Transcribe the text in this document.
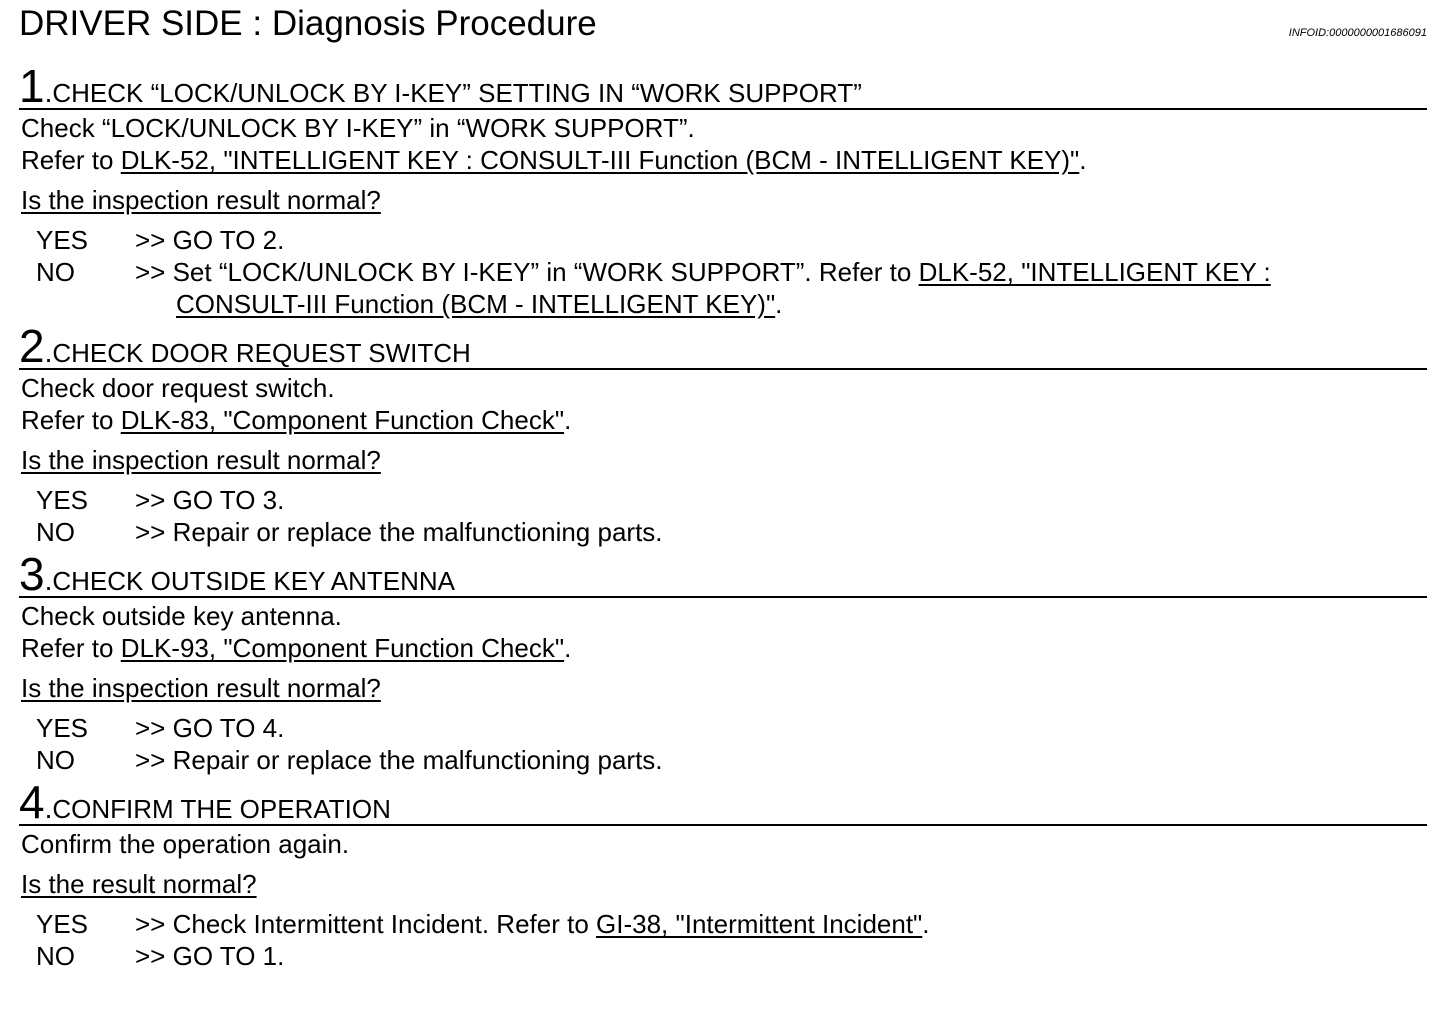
DRIVER SIDE : Diagnosis Procedure	INFOID:0000000001686091
1 . CHECK “LOCK/UNLOCK BY I-KEY” SETTING IN “WORK SUPPORT”
Check “LOCK/UNLOCK BY I-KEY” in “WORK SUPPORT”.
Refer to DLK-52, "INTELLIGENT KEY : CONSULT-III Function (BCM - INTELLIGENT KEY)".
Is the inspection result normal?
YES	>> GO TO 2.
NO	>> Set “LOCK/UNLOCK BY I-KEY” in “WORK SUPPORT”. Refer to DLK-52, "INTELLIGENT KEY :
CONSULT-III Function (BCM - INTELLIGENT KEY)".
2 . CHECK DOOR REQUEST SWITCH
Check door request switch.
Refer to DLK-83, "Component Function Check".
Is the inspection result normal?
YES	>> GO TO 3.
NO	>> Repair or replace the malfunctioning parts.
3 . CHECK OUTSIDE KEY ANTENNA
Check outside key antenna.
Refer to DLK-93, "Component Function Check".
Is the inspection result normal?
YES	>> GO TO 4.
NO	>> Repair or replace the malfunctioning parts.
4 . CONFIRM THE OPERATION
Confirm the operation again.
Is the result normal?
YES	>> Check Intermittent Incident. Refer to GI-38, "Intermittent Incident".
NO	>> GO TO 1.
